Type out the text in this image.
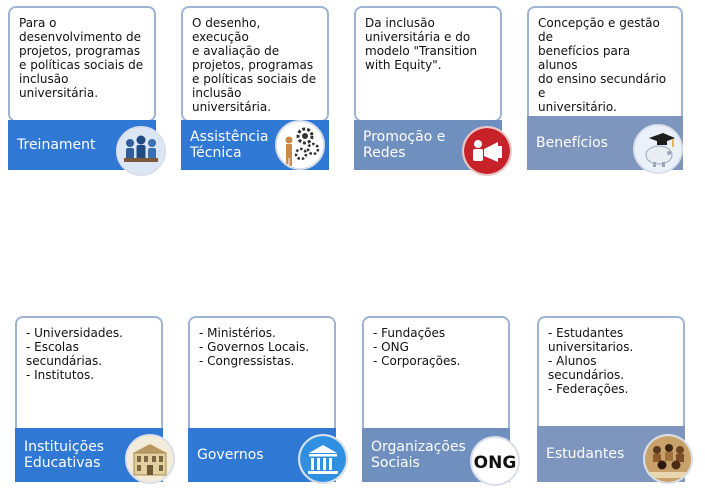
Para o
desenvolvimento de
projetos, programas
e políticas sociais de
inclusão
universitária.
Treinament
O desenho, execução
e avaliação de
projetos, programas
e políticas sociais de
inclusão
universitária.
Assistência
Técnica
Da inclusão
universitária e do
modelo "Transition
with Equity".
Promoção e
Redes
Concepção e gestão de
benefícios para alunos
do ensino secundário e
universitário.
Benefícios
- Universidades.
- Escolas secundárias.
- Institutos.
Instituições
Educativas
- Ministérios.
- Governos Locais.
- Congressistas.
Governos
- Fundações
- ONG
- Corporações.
Organizações
Sociais	ONG
- Estudantes
universitarios.
- Alunos secundários.
- Federações.
Estudantes
